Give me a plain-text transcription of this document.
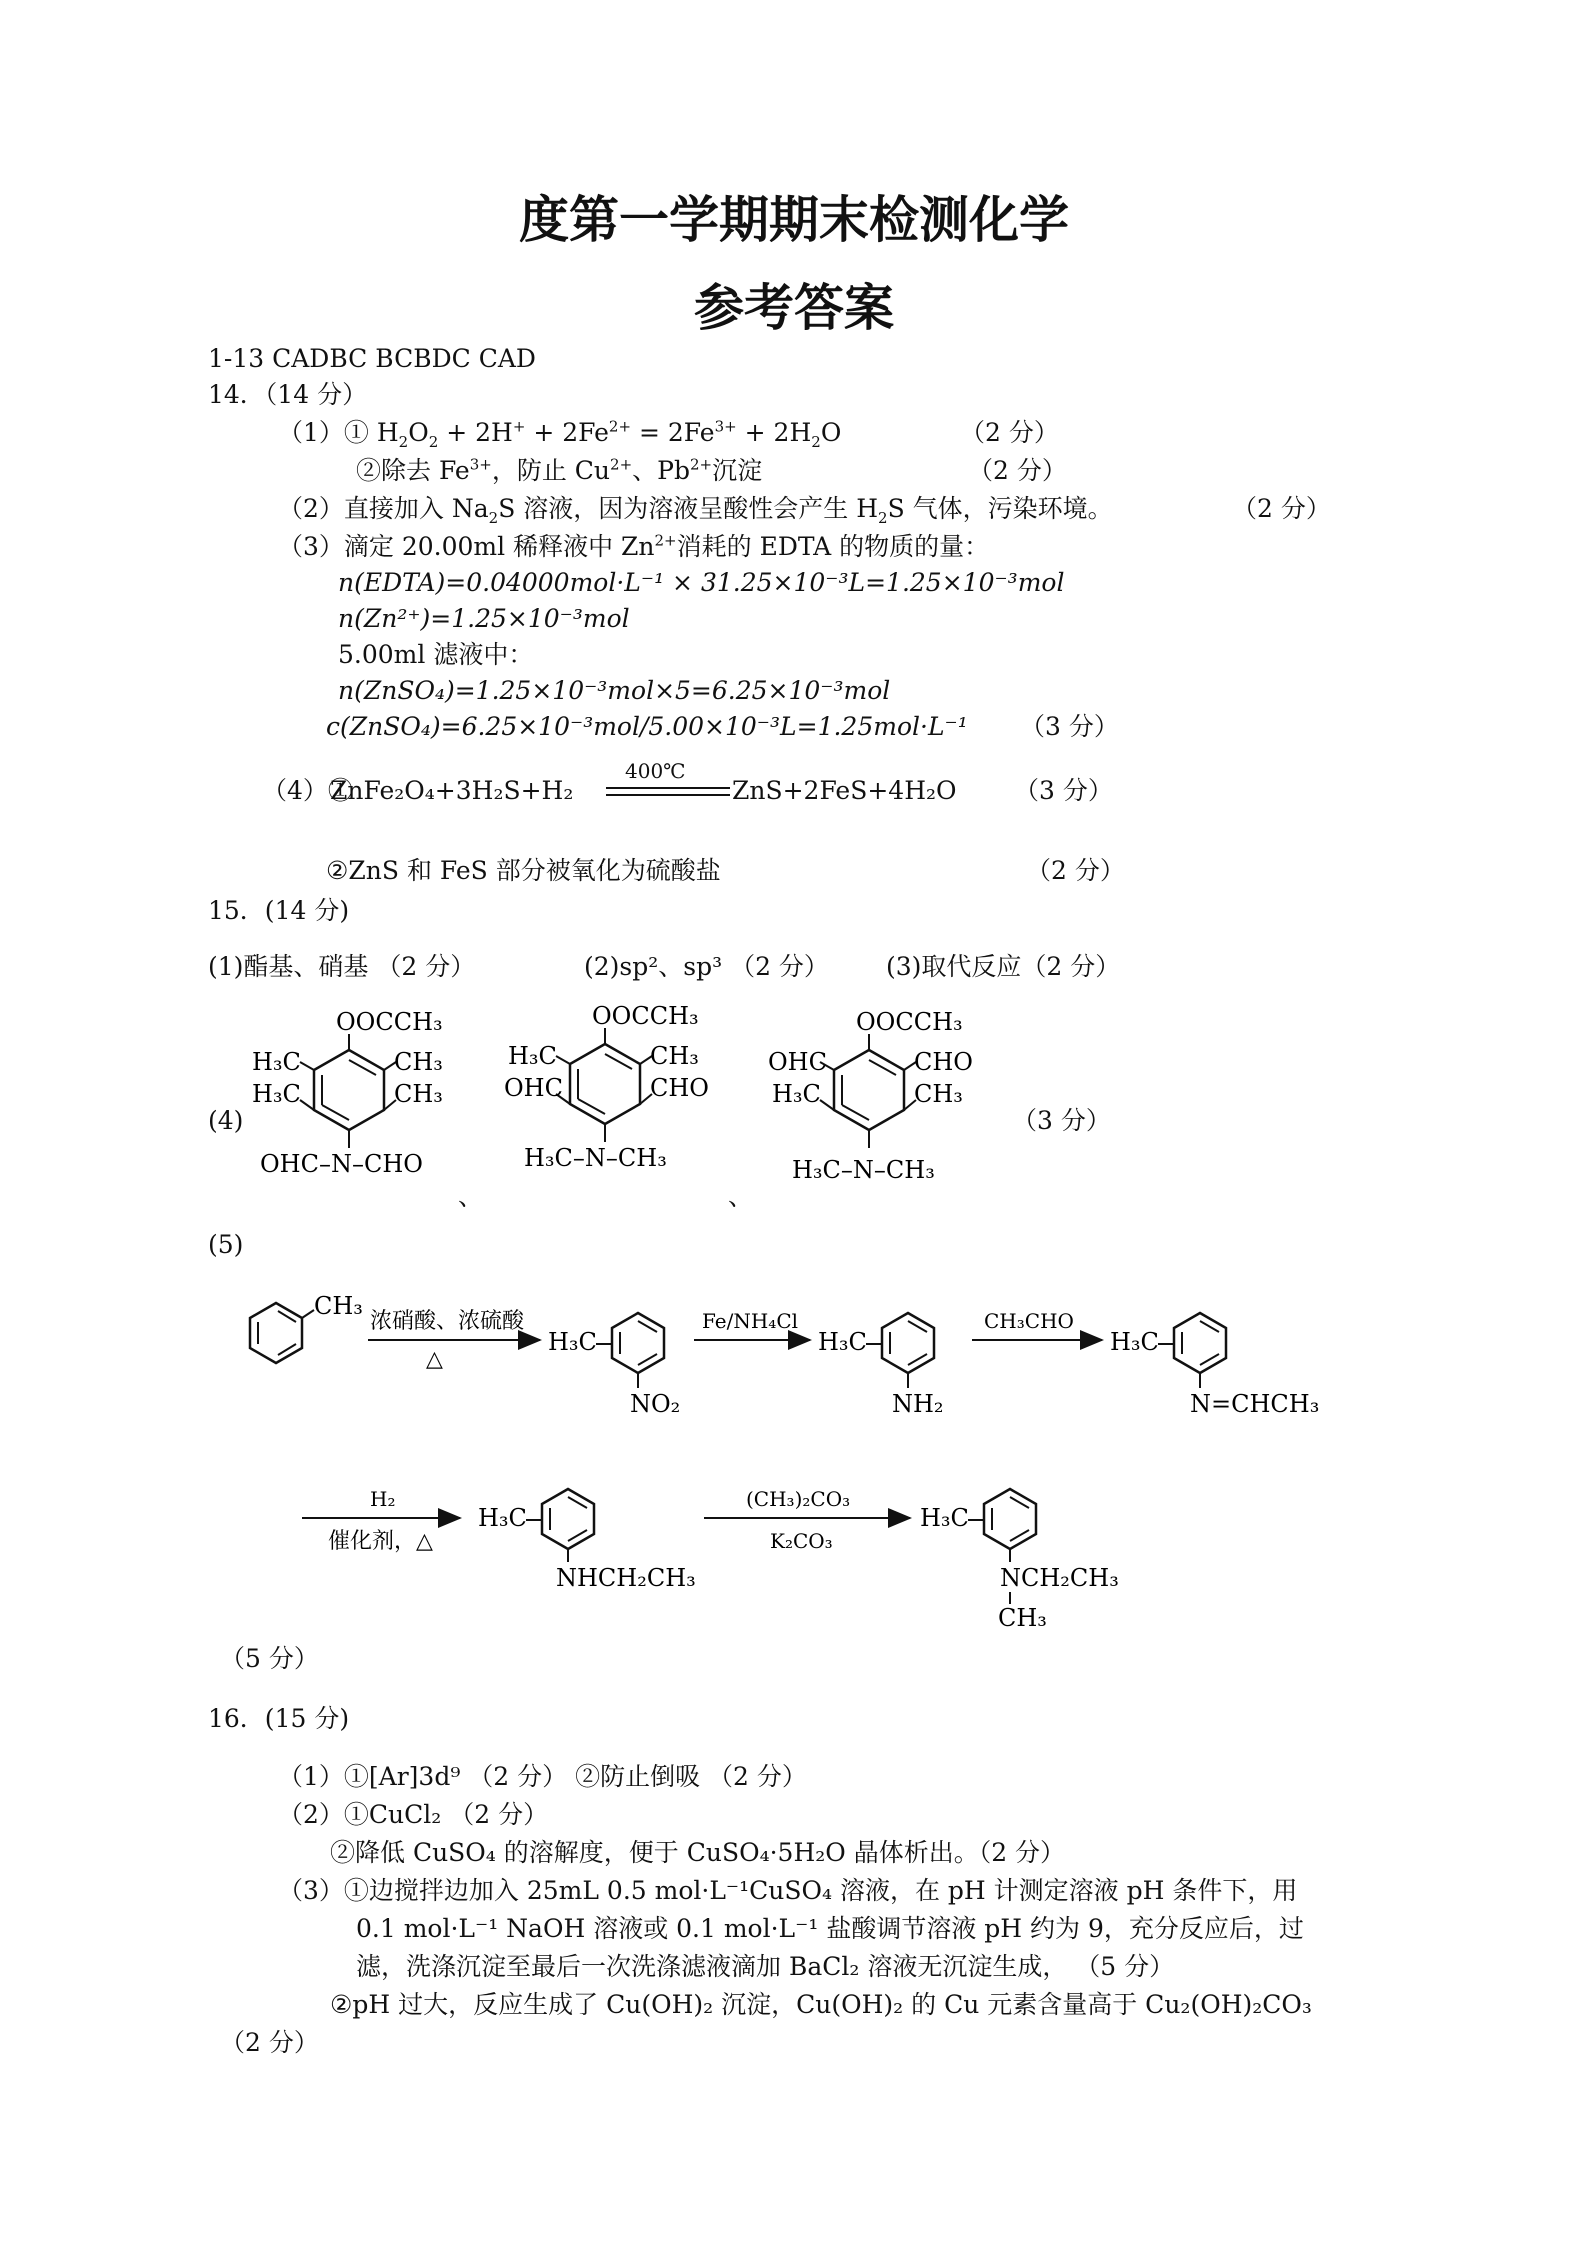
度第一学期期末检测化学
参考答案
1-13 CADBC BCBDC CAD
14．（14 分）
（1）① $H_2O_2 + 2H^+ + 2Fe^{2+} = 2Fe^{3+} + 2H_2O$	（2 分）
②除去 $Fe^{3+}$，防止 $Cu^{2+}$、$Pb^{2+}$沉淀	（2 分）
（2）直接加入 $Na_2S$ 溶液，因为溶液呈酸性会产生 $H_2S$ 气体，污染环境。	（2 分）
（3）滴定 20.00ml 稀释液中 $Zn^{2+}$消耗的 EDTA 的物质的量：
n(EDTA)=0.04000mol·L⁻¹ × 31.25×10⁻³L=1.25×10⁻³mol
n(Zn²⁺)=1.25×10⁻³mol
5.00ml 滤液中：
n(ZnSO₄)=1.25×10⁻³mol×5=6.25×10⁻³mol
c(ZnSO₄)=6.25×10⁻³mol/5.00×10⁻³L=1.25mol·L⁻¹ （3 分）
（4）①
ZnFe₂O₄+3H₂S+H₂
400℃
ZnS+2FeS+4H₂O （3 分）
②ZnS 和 FeS 部分被氧化为硫酸盐	（2 分）
15．(14 分)
(1)酯基、硝基 （2 分）	(2)sp²、sp³ （2 分） (3)取代反应（2 分）
(4)	（3 分）
、	、
OOCCH₃
H₃C
H₃C
CH₃
CH₃
OHC–N–CHO
OOCCH₃
H₃C
OHC
CH₃
CHO
H₃C–N–CH₃
OOCCH₃
OHC
H₃C
CHO
CH₃
H₃C–N–CH₃
(5)
CH₃
浓硝酸、浓硫酸
△
H₃C
NO₂
Fe/NH₄Cl
H₃C
NH₂
CH₃CHO
H₃C
N=CHCH₃
H₂
催化剂，△
H₃C
NHCH₂CH₃
(CH₃)₂CO₃
K₂CO₃
H₃C
NCH₂CH₃
CH₃
（5 分）
16．(15 分)
（1）①[Ar]3d⁹ （2 分） ②防止倒吸 （2 分）
（2）①CuCl₂ （2 分）
②降低 CuSO₄ 的溶解度，便于 CuSO₄·5H₂O 晶体析出。（2 分）
（3）①边搅拌边加入 25mL 0.5 mol·L⁻¹CuSO₄ 溶液，在 pH 计测定溶液 pH 条件下，用
0.1 mol·L⁻¹ NaOH 溶液或 0.1 mol·L⁻¹ 盐酸调节溶液 pH 约为 9，充分反应后，过
滤，洗涤沉淀至最后一次洗涤滤液滴加 BaCl₂ 溶液无沉淀生成， （5 分）
②pH 过大，反应生成了 Cu(OH)₂ 沉淀，Cu(OH)₂ 的 Cu 元素含量高于 Cu₂(OH)₂CO₃
（2 分）
